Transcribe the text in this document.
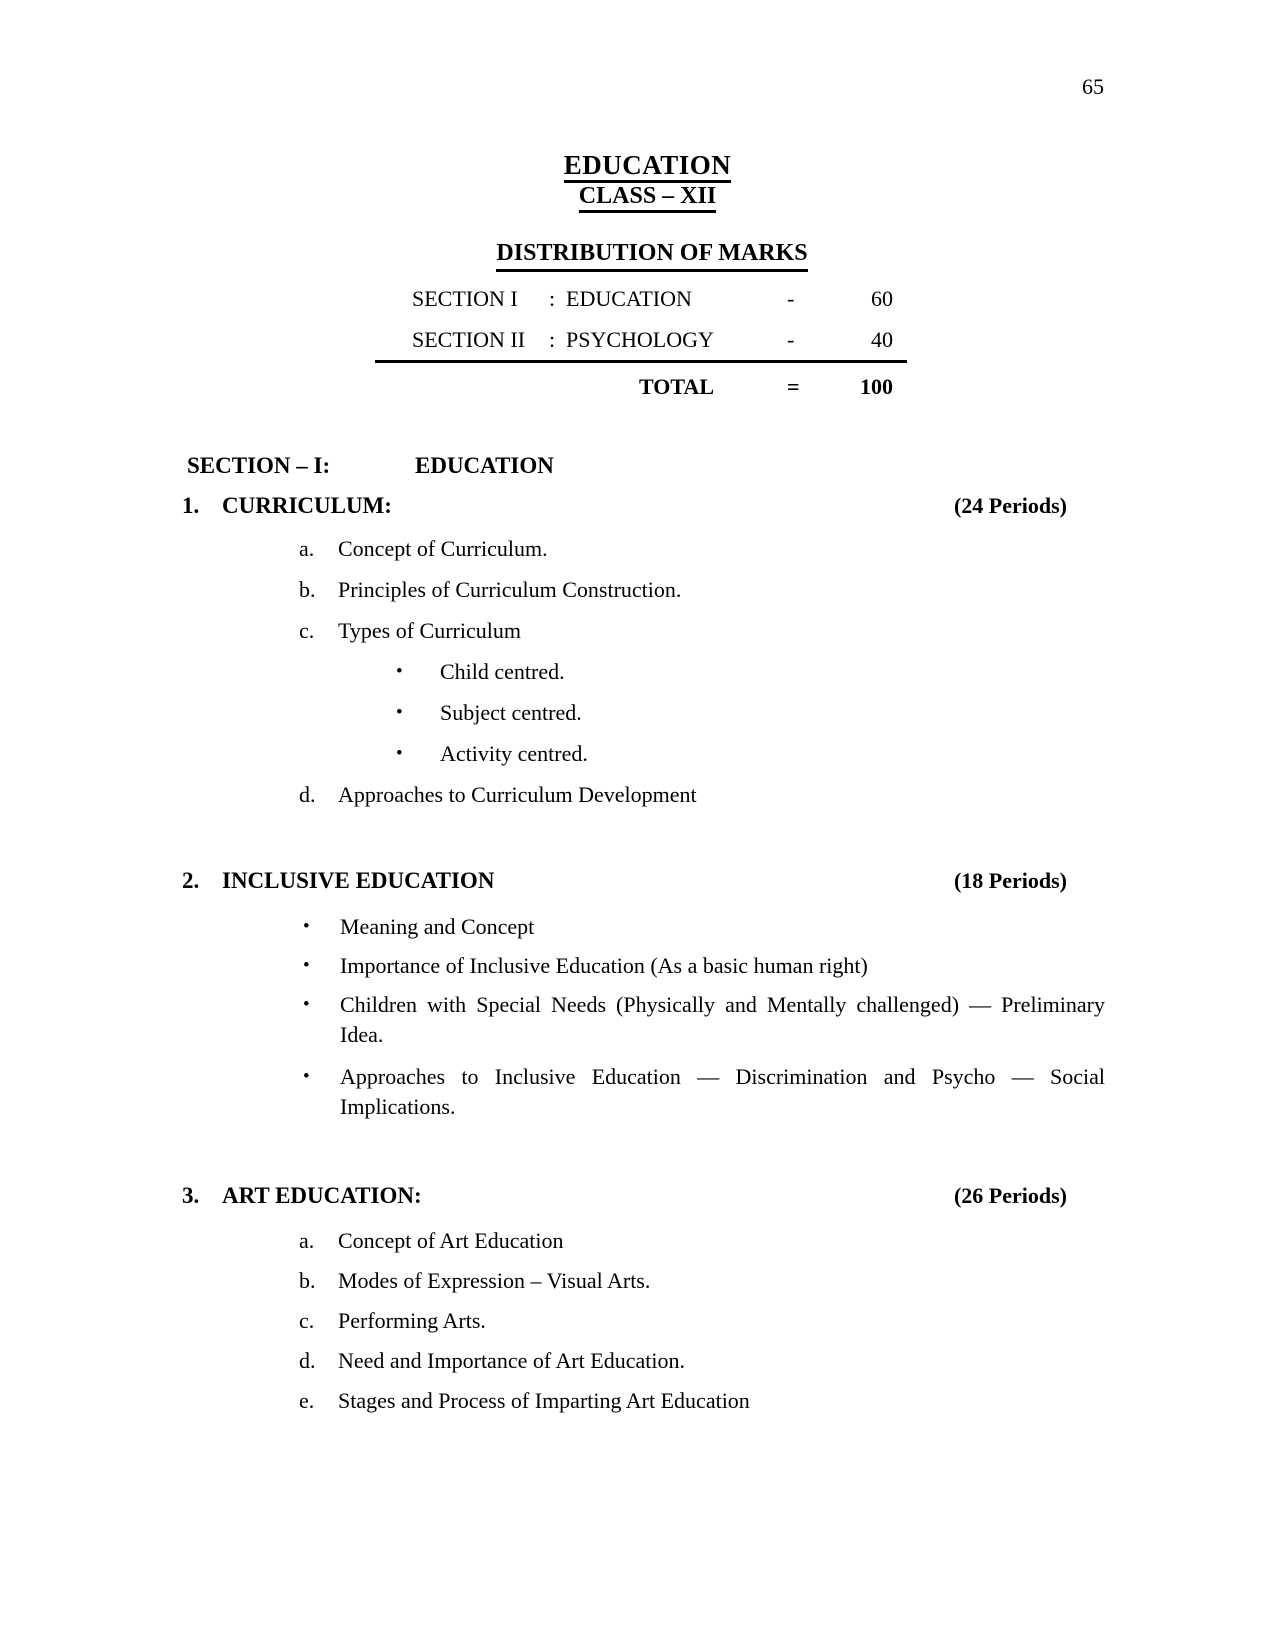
65
EDUCATION
CLASS – XII
DISTRIBUTION OF MARKS
SECTION I	: EDUCATION	-	60
SECTION II	: PSYCHOLOGY	-	40
TOTAL	=	100
SECTION – I:	EDUCATION
1. CURRICULUM:	(24 Periods)
a.	Concept of Curriculum.
b.	Principles of Curriculum Construction.
c.	Types of Curriculum
•	Child centred.
•	Subject centred.
•	Activity centred.
d.	Approaches to Curriculum Development
2. INCLUSIVE EDUCATION	(18 Periods)
•	Meaning and Concept
•	Importance of Inclusive Education (As a basic human right)
•	Children with Special Needs (Physically and Mentally challenged) — Preliminary Idea.
•	Approaches to Inclusive Education — Discrimination and Psycho — Social Implications.
3. ART EDUCATION:	(26 Periods)
a.	Concept of Art Education
b.	Modes of Expression – Visual Arts.
c.	Performing Arts.
d.	Need and Importance of Art Education.
e.	Stages and Process of Imparting Art Education
